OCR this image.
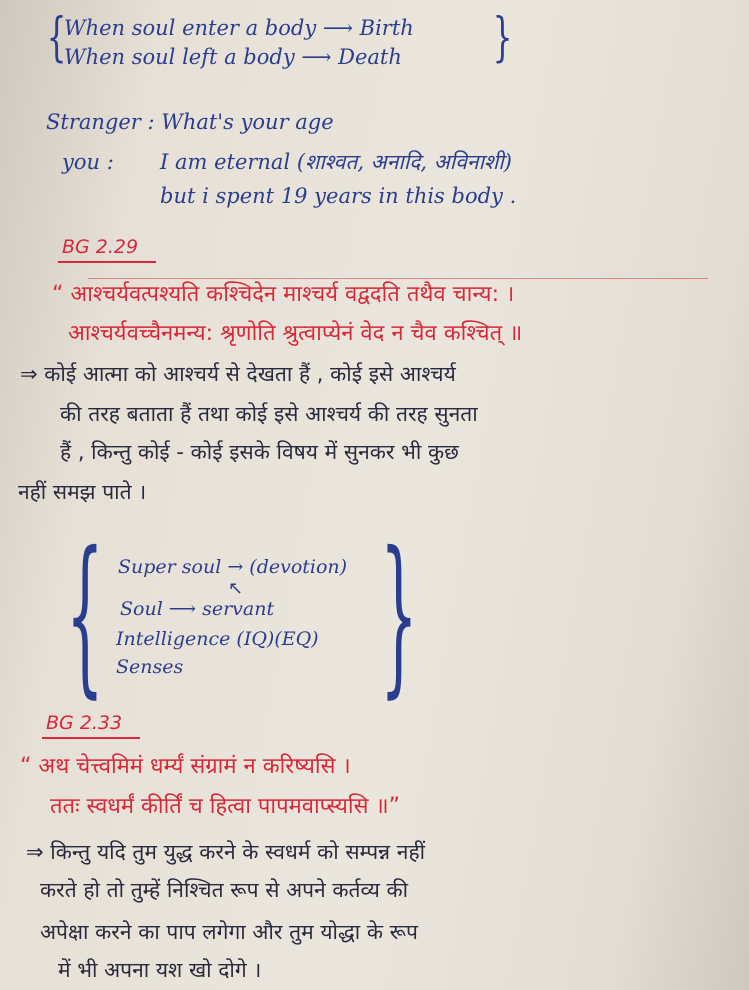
{
When soul enter a body ⟶ Birth
When soul left a body ⟶ Death }
Stranger : What's your age
you : I am eternal (शाश्वत, अनादि, अविनाशी)
but i spent 19 years in this body .
BG 2.29
“ आश्चर्यवत्पश्यति कश्चिदेन माश्चर्य वद्वदति तथैव चान्य: ।
आश्चर्यवच्चैनमन्य: श्रृणोति श्रुत्वाप्येनं वेद न चैव कश्चित् ॥
⇒ कोई आत्मा को आश्चर्य से देखता हैं , कोई इसे आश्चर्य
की तरह बताता हैं तथा कोई इसे आश्चर्य की तरह सुनता
हैं , किन्तु कोई - कोई इसके विषय में सुनकर भी कुछ
नहीं समझ पाते ।
{ Super soul → (devotion)
↖
Soul ⟶ servant
Intelligence (IQ)(EQ)
Senses }
BG 2.33
“ अथ चेत्त्वमिमं धर्म्यं संग्रामं न करिष्यसि ।
ततः स्वधर्मं कीर्तिं च हित्वा पापमवाप्स्यसि ॥”
⇒ किन्तु यदि तुम युद्ध करने के स्वधर्म को सम्पन्न नहीं
करते हो तो तुम्हें निश्चित रूप से अपने कर्तव्य की
अपेक्षा करने का पाप लगेगा और तुम योद्धा के रूप
में भी अपना यश खो दोगे ।
